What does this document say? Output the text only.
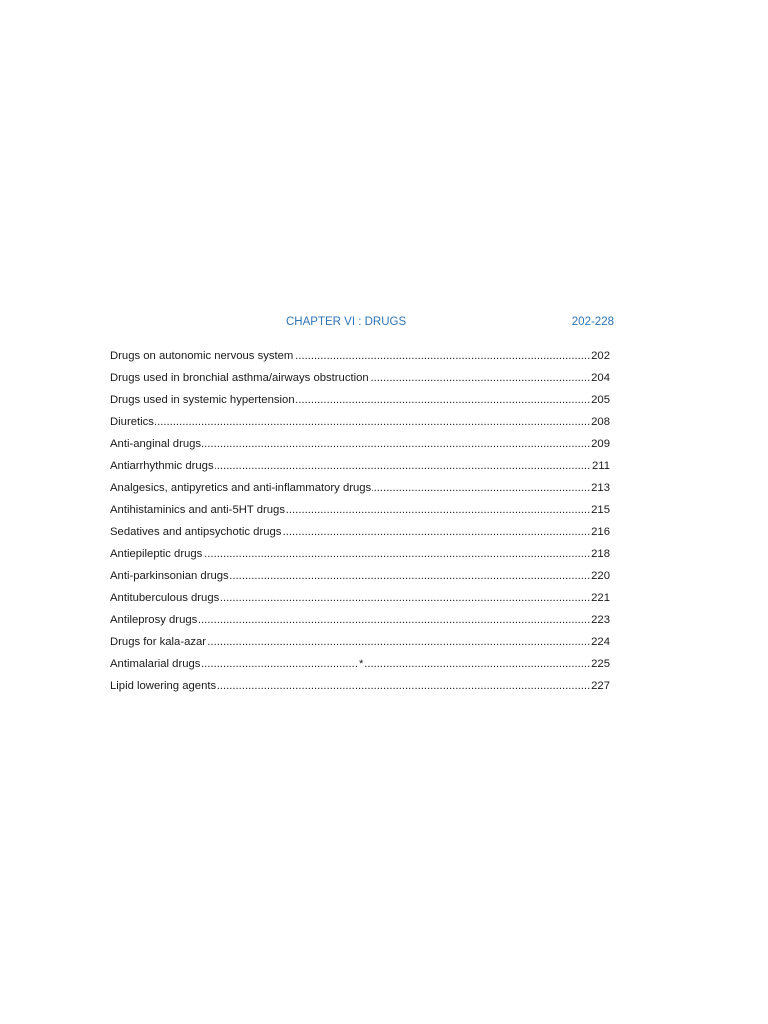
CHAPTER VI : DRUGS	202-228
..... Drugs on autonomic nervous system	202
..... Drugs used in bronchial asthma/airways obstruction	204
..... Drugs used in systemic hypertension	205
..... Diuretics	208
..... Anti-anginal drugs	209
..... Antiarrhythmic drugs	211
..... Analgesics, antipyretics and anti-inflammatory drugs	213
..... Antihistaminics and anti-5HT drugs	215
..... Sedatives and antipsychotic drugs	216
..... Antiepileptic drugs	218
..... Anti-parkinsonian drugs	220
..... Antituberculous drugs	221
..... Antileprosy drugs	223
..... Drugs for kala-azar	224
..... Antimalarial drugs	*	225
..... Lipid lowering agents	227
